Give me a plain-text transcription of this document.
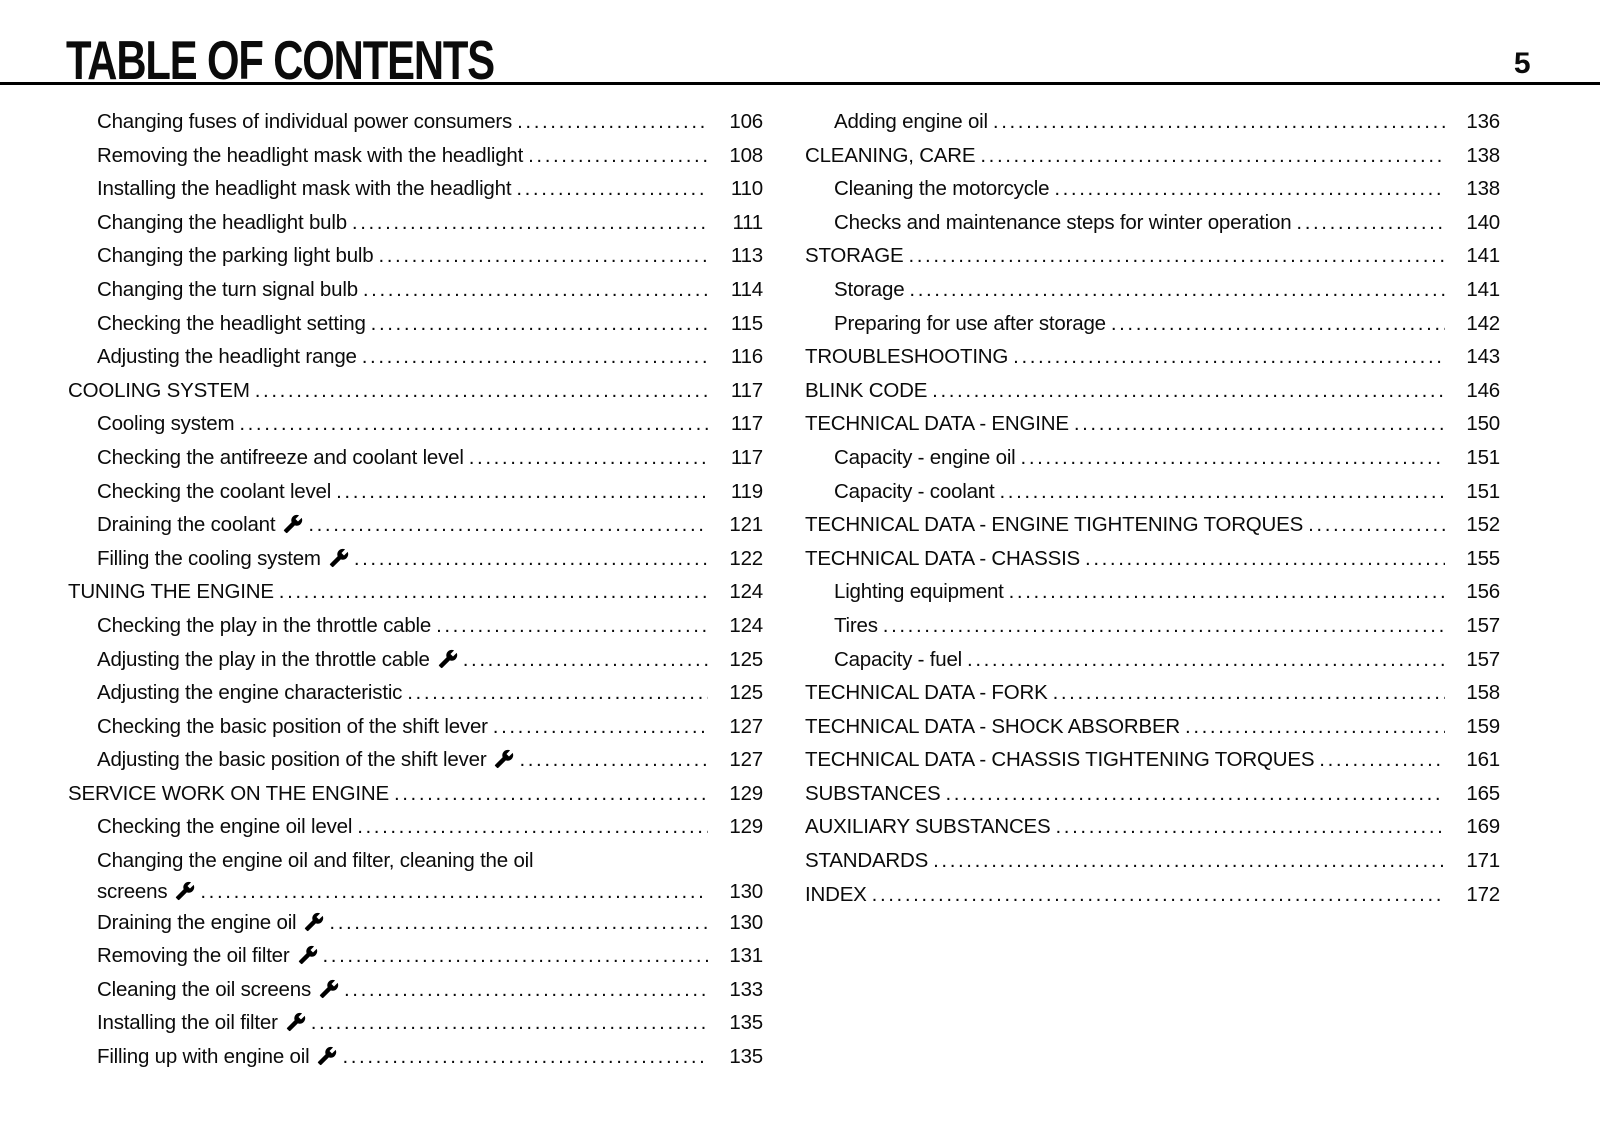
TABLE OF CONTENTS	5
Changing fuses of individual power consumers .....	106
Removing the headlight mask with the headlight .....	108
Installing the headlight mask with the headlight .....	110
Changing the headlight bulb .....	111
Changing the parking light bulb .....	113
Changing the turn signal bulb .....	114
Checking the headlight setting .....	115
Adjusting the headlight range .....	116
COOLING SYSTEM .....	117
Cooling system .....	117
Checking the antifreeze and coolant level .....	117
Checking the coolant level .....	119
Draining the coolant .....	121
Filling the cooling system .....	122
TUNING THE ENGINE .....	124
Checking the play in the throttle cable .....	124
Adjusting the play in the throttle cable .....	125
Adjusting the engine characteristic .....	125
Checking the basic position of the shift lever .....	127
Adjusting the basic position of the shift lever .....	127
SERVICE WORK ON THE ENGINE .....	129
Checking the engine oil level .....	129
Changing the engine oil and filter, cleaning the oil
screens .....	130
Draining the engine oil .....	130
Removing the oil filter .....	131
Cleaning the oil screens .....	133
Installing the oil filter .....	135
Filling up with engine oil .....	135
Adding engine oil .....	136
CLEANING, CARE .....	138
Cleaning the motorcycle .....	138
Checks and maintenance steps for winter operation .....	140
STORAGE .....	141
Storage .....	141
Preparing for use after storage .....	142
TROUBLESHOOTING .....	143
BLINK CODE .....	146
TECHNICAL DATA - ENGINE .....	150
Capacity - engine oil .....	151
Capacity - coolant .....	151
TECHNICAL DATA - ENGINE TIGHTENING TORQUES .....	152
TECHNICAL DATA - CHASSIS .....	155
Lighting equipment .....	156
Tires .....	157
Capacity - fuel .....	157
TECHNICAL DATA - FORK .....	158
TECHNICAL DATA - SHOCK ABSORBER .....	159
TECHNICAL DATA - CHASSIS TIGHTENING TORQUES .....	161
SUBSTANCES .....	165
AUXILIARY SUBSTANCES .....	169
STANDARDS .....	171
INDEX .....	172
